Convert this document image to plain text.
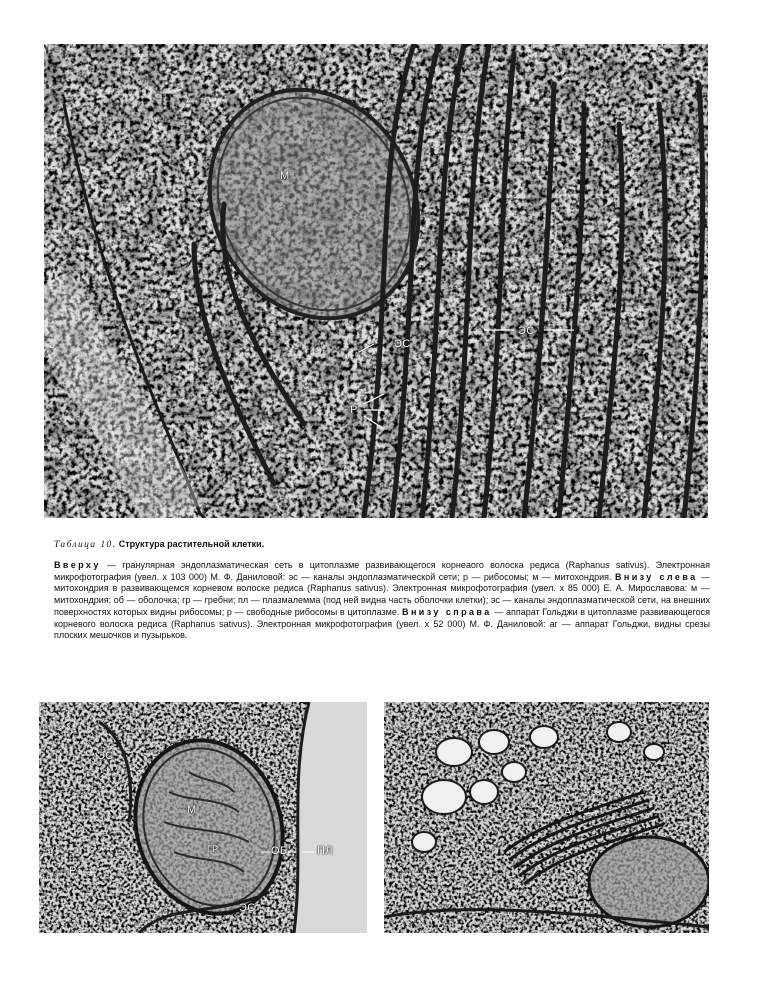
М
ЭС
ЭС
Р
Таблица 10. Структура растительной клетки.
Вверху — гранулярная эндоплазматическая сеть в цитоплазме развивающегося корнеаого волоска редиса (Raphanus sativus). Электронная микрофотография (увел. х 103 000) М. Ф. Даниловой: эс — каналы эндоплазматической сети; р — рибосомы; м — митохондрия. Внизу слева — митохондрия в развивающемся корневом волоске редиса (Raphanus sativus). Электронная микрофотография (увел. х 85 000) Е. А. Мирославова: м — митохондрия; об — оболочка; гр — гребни; пл — плазмалемма (под ней видна часть оболочки клетки); эс — каналы эндоплазматической сети, на внешних поверхностях которых видны рибосомы; р — свободные рибосомы в цитоплазме. Внизу справа — аппарат Гольджи в цитоплазме развивающегося корневого волоска редиса (Raphanus sativus). Электронная микрофотография (увел. х 52 000) М. Ф. Даниловой: аг — аппарат Гольджи, видны срезы плоских мешочков и пузырьков.
ЭС
М
ГР	ОБ	ПЛ
Р
ЭС
АГ
